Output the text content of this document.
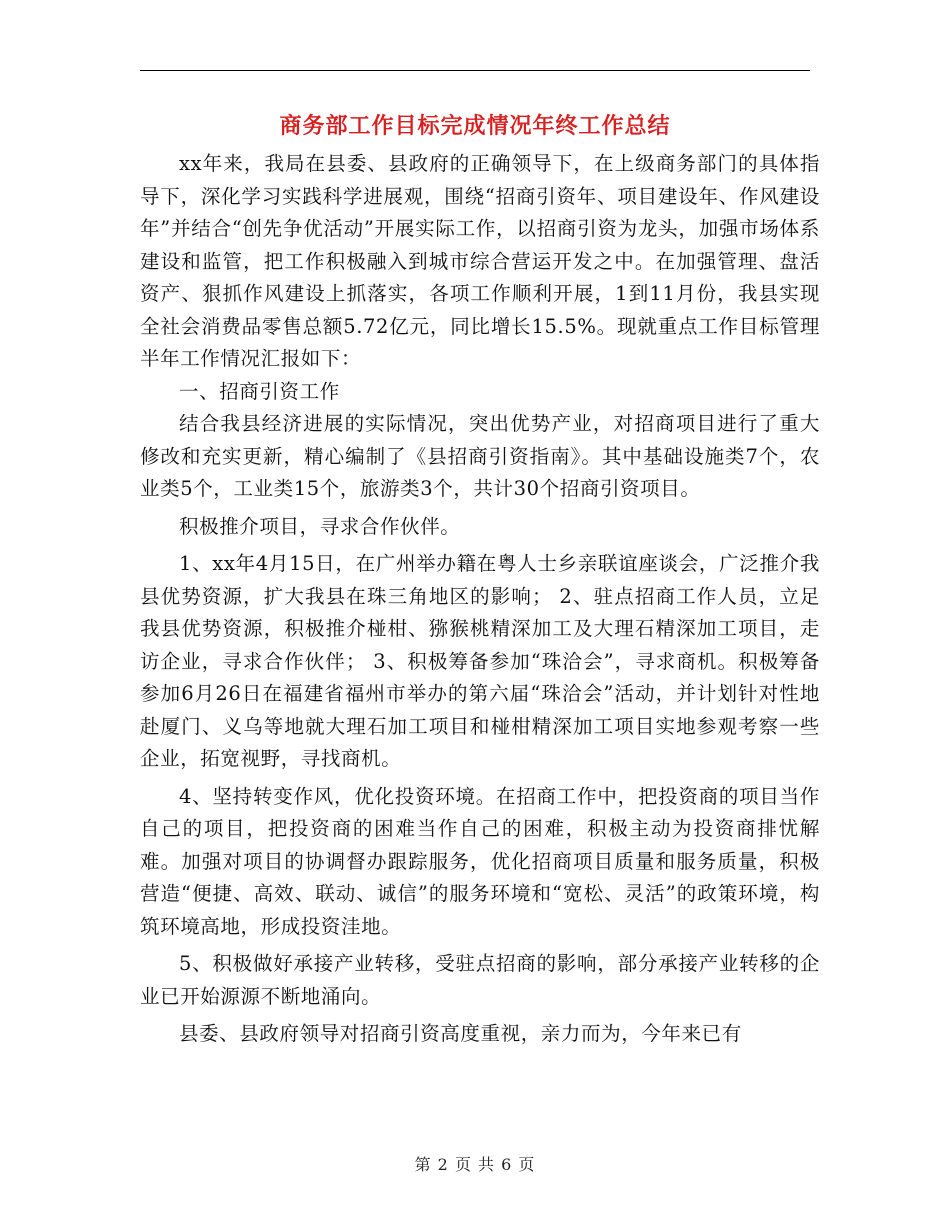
商务部工作目标完成情况年终工作总结

xx年来，我局在县委、县政府的正确领导下，在上级商务部门的具体指导下，深化学习实践科学进展观，围绕“招商引资年、项目建设年、作风建设年”并结合“创先争优活动”开展实际工作，以招商引资为龙头，加强市场体系建设和监管，把工作积极融入到城市综合营运开发之中。在加强管理、盘活资产、狠抓作风建设上抓落实，各项工作顺利开展，1到11月份，我县实现全社会消费品零售总额5.72亿元，同比增长15.5%。现就重点工作目标管理半年工作情况汇报如下：

一、招商引资工作

结合我县经济进展的实际情况，突出优势产业，对招商项目进行了重大修改和充实更新，精心编制了《县招商引资指南》。其中基础设施类7个，农业类5个，工业类15个，旅游类3个，共计30个招商引资项目。

积极推介项目，寻求合作伙伴。

1、xx年4月15日，在广州举办籍在粤人士乡亲联谊座谈会，广泛推介我县优势资源，扩大我县在珠三角地区的影响； 2、驻点招商工作人员，立足我县优势资源，积极推介椪柑、猕猴桃精深加工及大理石精深加工项目，走访企业，寻求合作伙伴； 3、积极筹备参加“珠洽会”，寻求商机。积极筹备参加6月26日在福建省福州市举办的第六届“珠洽会”活动，并计划针对性地赴厦门、义乌等地就大理石加工项目和椪柑精深加工项目实地参观考察一些企业，拓宽视野，寻找商机。

4、坚持转变作风，优化投资环境。在招商工作中，把投资商的项目当作自己的项目，把投资商的困难当作自己的困难，积极主动为投资商排忧解难。加强对项目的协调督办跟踪服务，优化招商项目质量和服务质量，积极营造“便捷、高效、联动、诚信”的服务环境和“宽松、灵活”的政策环境，构筑环境高地，形成投资洼地。

5、积极做好承接产业转移，受驻点招商的影响，部分承接产业转移的企业已开始源源不断地涌向。

县委、县政府领导对招商引资高度重视，亲力而为，今年来已有

第 2 页 共 6 页
